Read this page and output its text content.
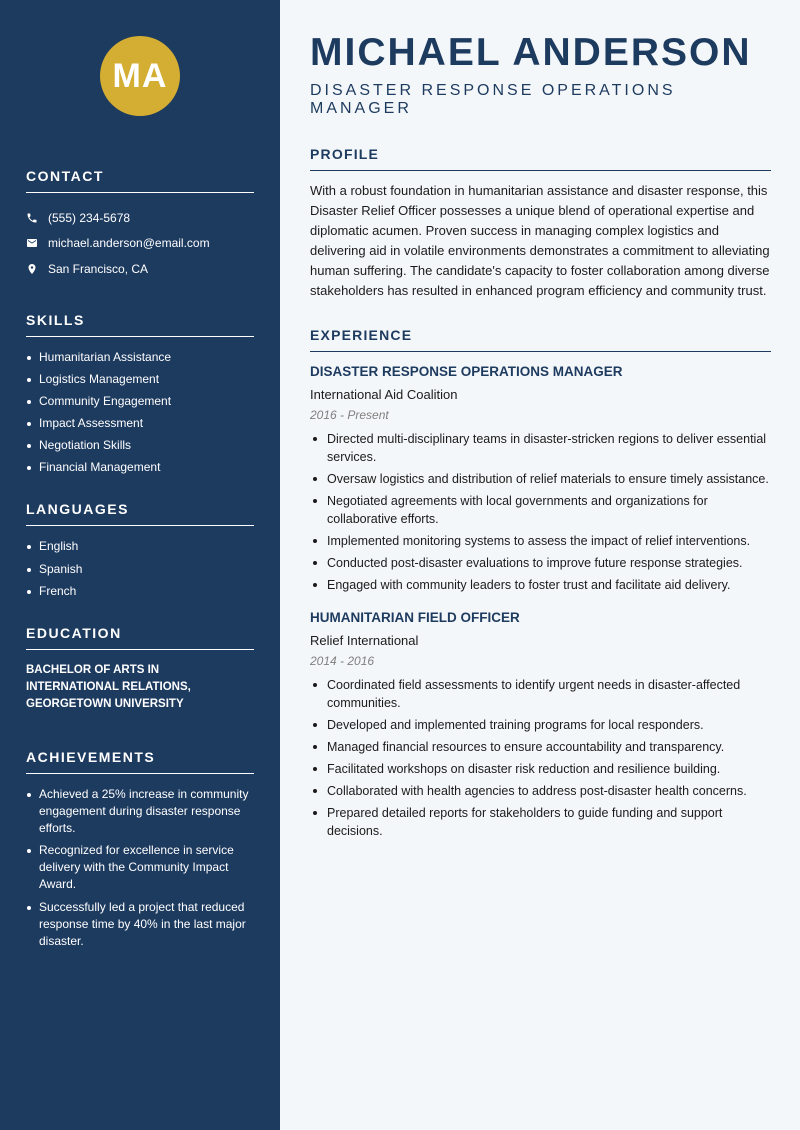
MA
CONTACT
(555) 234-5678
michael.anderson@email.com
San Francisco, CA
SKILLS
Humanitarian Assistance
Logistics Management
Community Engagement
Impact Assessment
Negotiation Skills
Financial Management
LANGUAGES
English
Spanish
French
EDUCATION

BACHELOR OF ARTS IN INTERNATIONAL RELATIONS, GEORGETOWN UNIVERSITY

ACHIEVEMENTS
Achieved a 25% increase in community engagement during disaster response efforts.
Recognized for excellence in service delivery with the Community Impact Award.
Successfully led a project that reduced response time by 40% in the last major disaster.
MICHAEL ANDERSON
DISASTER RESPONSE OPERATIONS MANAGER
PROFILE

With a robust foundation in humanitarian assistance and disaster response, this Disaster Relief Officer possesses a unique blend of operational expertise and diplomatic acumen. Proven success in managing complex logistics and delivering aid in volatile environments demonstrates a commitment to alleviating human suffering. The candidate's capacity to foster collaboration among diverse stakeholders has resulted in enhanced program efficiency and community trust.

EXPERIENCE
DISASTER RESPONSE OPERATIONS MANAGER
International Aid Coalition
2016 - Present
Directed multi-disciplinary teams in disaster-stricken regions to deliver essential services.
Oversaw logistics and distribution of relief materials to ensure timely assistance.
Negotiated agreements with local governments and organizations for collaborative efforts.
Implemented monitoring systems to assess the impact of relief interventions.
Conducted post-disaster evaluations to improve future response strategies.
Engaged with community leaders to foster trust and facilitate aid delivery.
HUMANITARIAN FIELD OFFICER
Relief International
2014 - 2016
Coordinated field assessments to identify urgent needs in disaster-affected communities.
Developed and implemented training programs for local responders.
Managed financial resources to ensure accountability and transparency.
Facilitated workshops on disaster risk reduction and resilience building.
Collaborated with health agencies to address post-disaster health concerns.
Prepared detailed reports for stakeholders to guide funding and support decisions.
